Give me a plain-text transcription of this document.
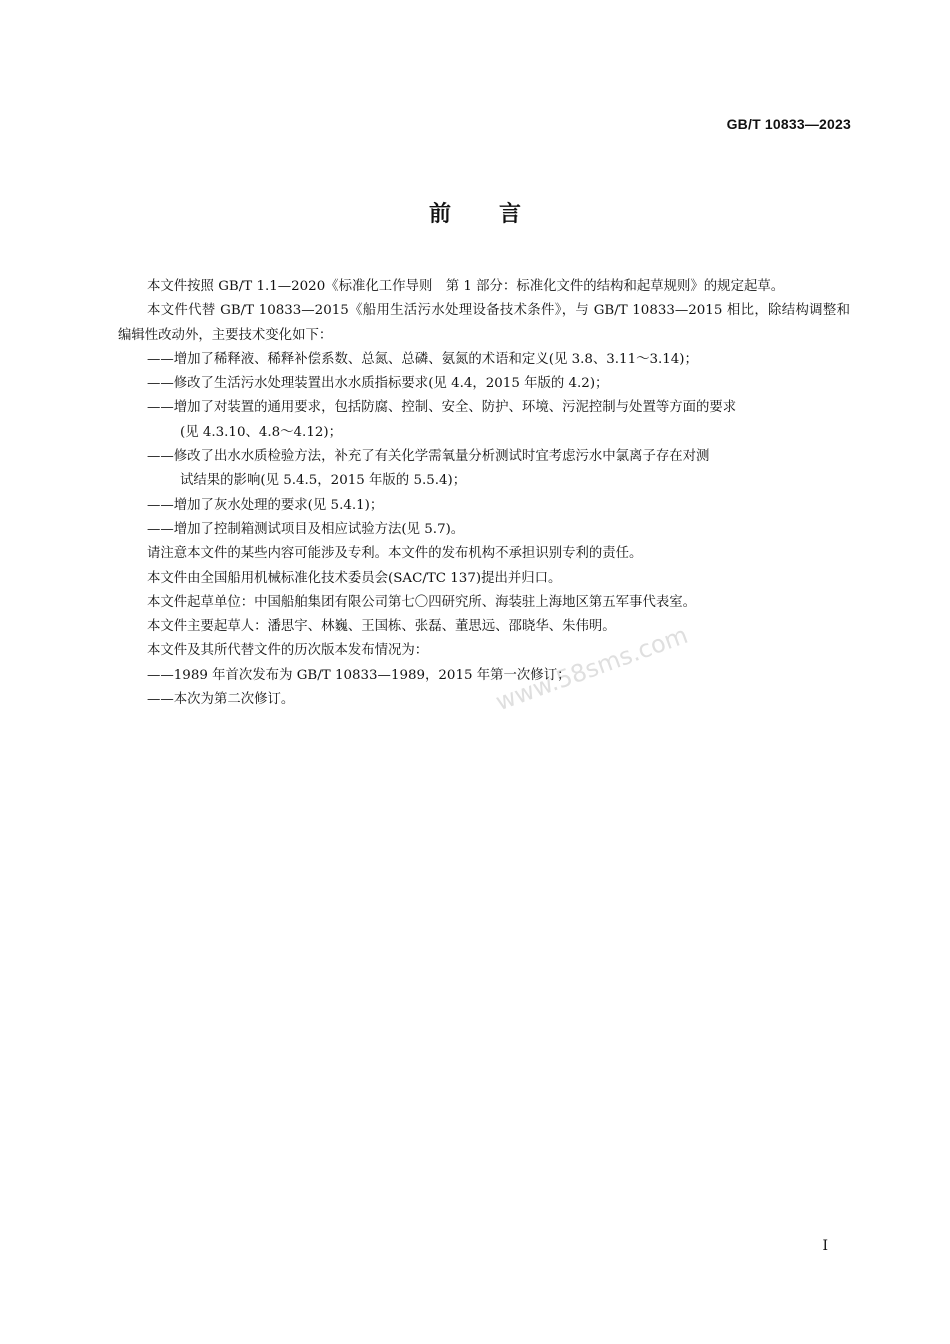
GB/T 10833—2023
前言

本文件按照 GB/T 1.1—2020《标准化工作导则　第 1 部分：标准化文件的结构和起草规则》的规定起草。

本文件代替 GB/T 10833—2015《船用生活污水处理设备技术条件》，与 GB/T 10833—2015 相比，除结构调整和编辑性改动外，主要技术变化如下：

——增加了稀释液、稀释补偿系数、总氮、总磷、氨氮的术语和定义(见 3.8、3.11～3.14)；

——修改了生活污水处理装置出水水质指标要求(见 4.4，2015 年版的 4.2)；

——增加了对装置的通用要求，包括防腐、控制、安全、防护、环境、污泥控制与处置等方面的要求
(见 4.3.10、4.8～4.12)；

——修改了出水水质检验方法，补充了有关化学需氧量分析测试时宜考虑污水中氯离子存在对测
试结果的影响(见 5.4.5，2015 年版的 5.5.4)；

——增加了灰水处理的要求(见 5.4.1)；

——增加了控制箱测试项目及相应试验方法(见 5.7)。

请注意本文件的某些内容可能涉及专利。本文件的发布机构不承担识别专利的责任。

本文件由全国船用机械标准化技术委员会(SAC/TC 137)提出并归口。

本文件起草单位：中国船舶集团有限公司第七〇四研究所、海装驻上海地区第五军事代表室。

本文件主要起草人：潘思宇、林巍、王国栋、张磊、董思远、邵晓华、朱伟明。

本文件及其所代替文件的历次版本发布情况为：

——1989 年首次发布为 GB/T 10833—1989，2015 年第一次修订；

——本次为第二次修订。	www.58sms.com
I
